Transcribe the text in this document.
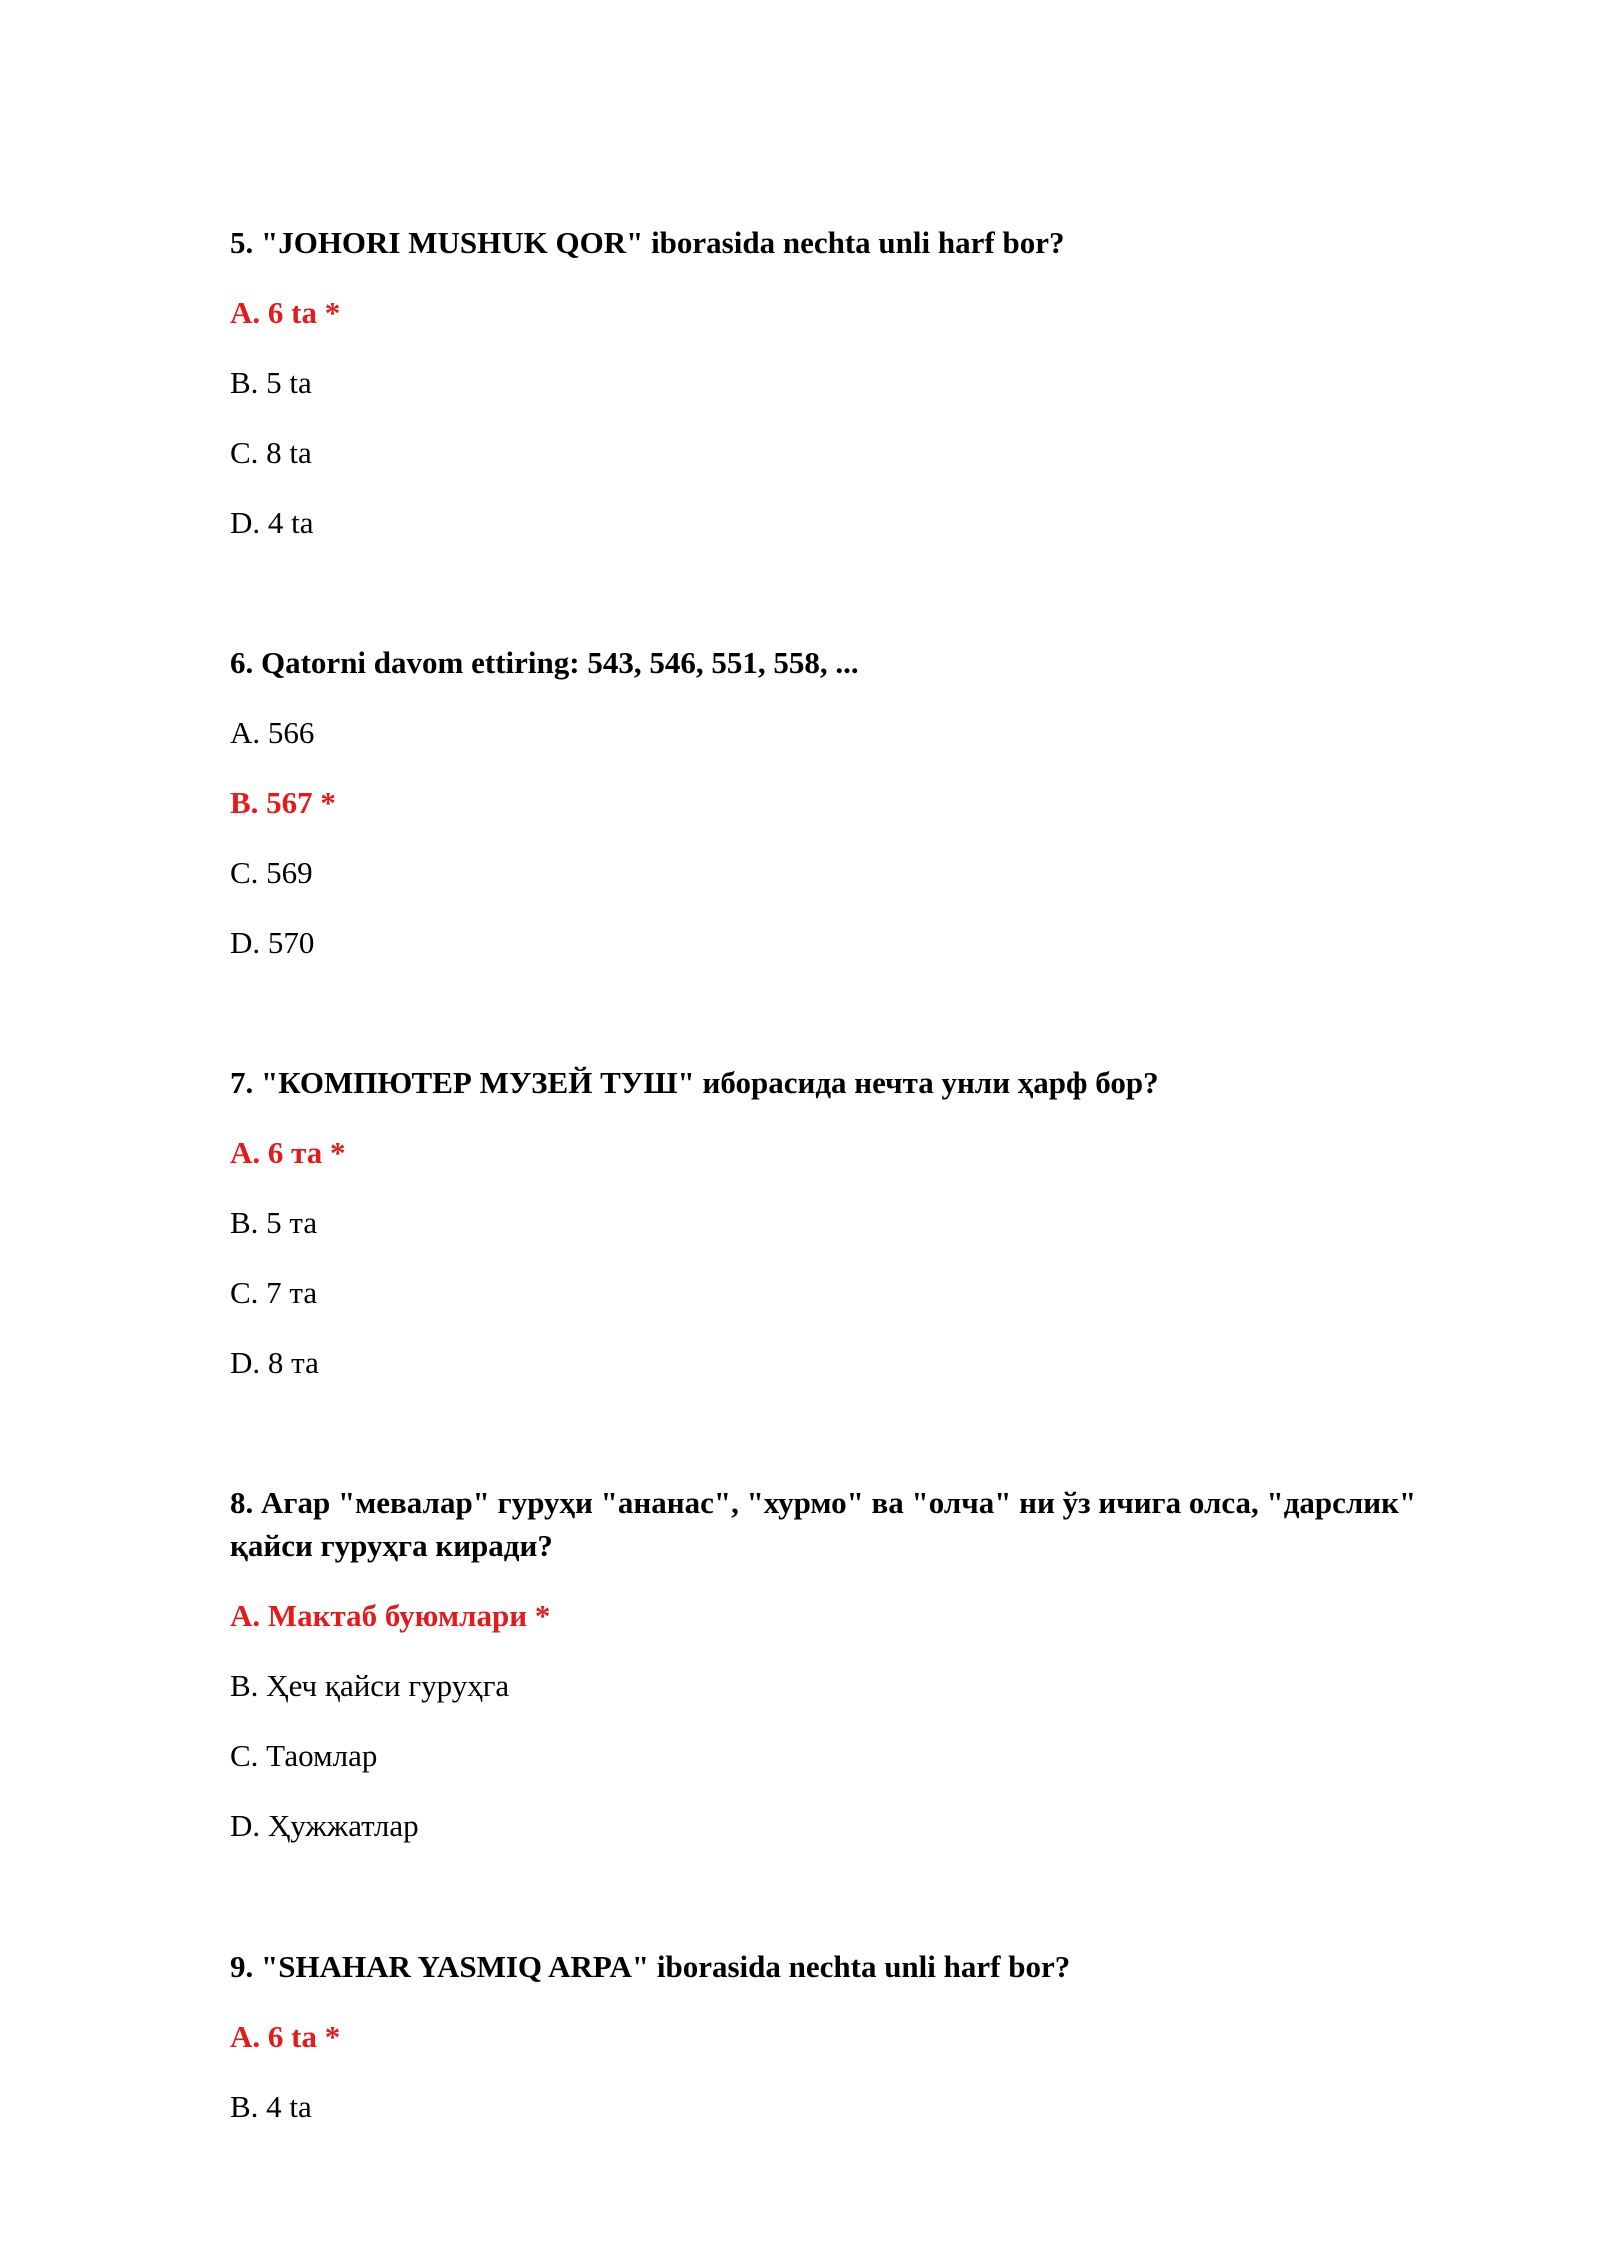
5. "JOHORI MUSHUK QOR" iborasida nechta unli harf bor?

A. 6 ta *

B. 5 ta

C. 8 ta

D. 4 ta

6. Qatorni davom ettiring: 543, 546, 551, 558, ...

A. 566

B. 567 *

C. 569

D. 570

7. "КОМПЮТЕР МУЗЕЙ ТУШ" иборасида нечта унли ҳарф бор?

A. 6 та *

B. 5 та

C. 7 та

D. 8 та

8. Агар "мевалар" гуруҳи "ананас", "хурмо" ва "олча" ни ўз ичига олса, "дарслик" қайси гуруҳга киради?

A. Мактаб буюмлари *

B. Ҳеч қайси гуруҳга

C. Таомлар

D. Ҳужжатлар

9. "SHAHAR YASMIQ ARPA" iborasida nechta unli harf bor?

A. 6 ta *

B. 4 ta
